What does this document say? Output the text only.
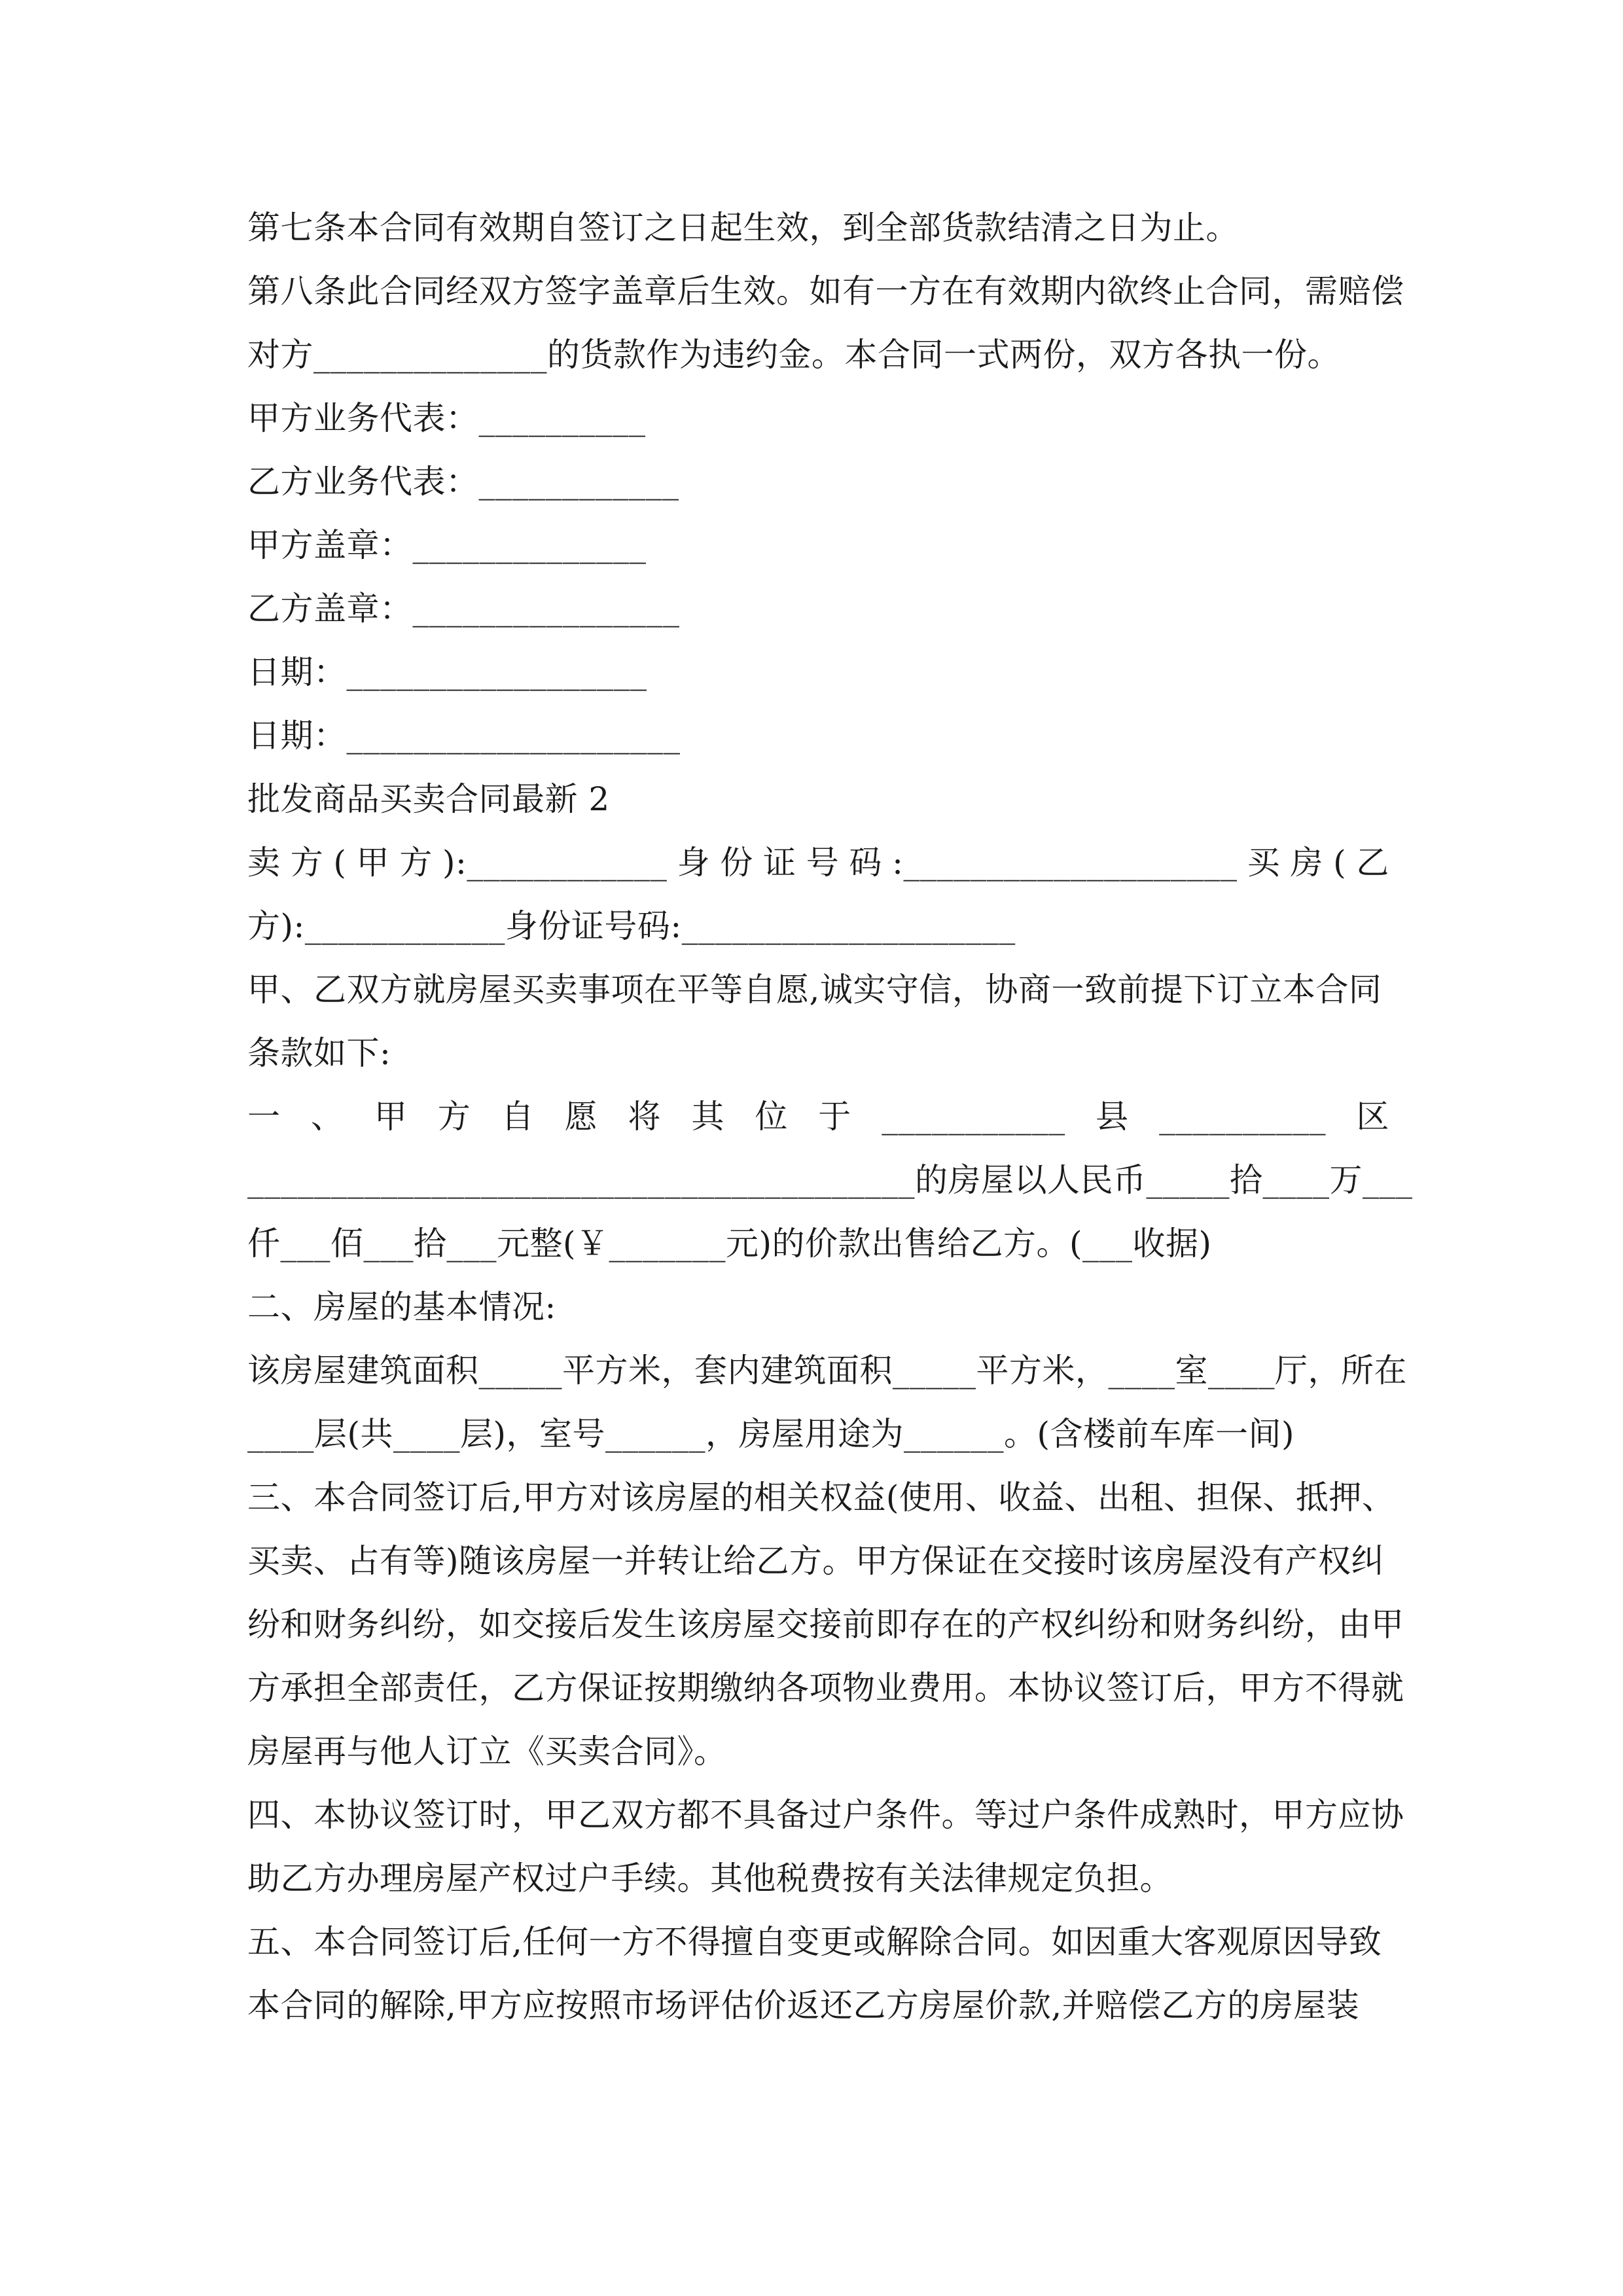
第七条本合同有效期自签订之日起生效，到全部货款结清之日为止。
第八条此合同经双方签字盖章后生效。如有一方在有效期内欲终止合同，需赔偿
对方______________的货款作为违约金。本合同一式两份，双方各执一份。
甲方业务代表：__________
乙方业务代表：____________
甲方盖章：______________
乙方盖章：________________
日期：__________________
日期：____________________
批发商品买卖合同最新 2
卖 方 ( 甲 方 ):____________ 身 份 证 号 码 :____________________ 买 房 ( 乙
方):____________身份证号码:____________________
甲、乙双方就房屋买卖事项在平等自愿,诚实守信，协商一致前提下订立本合同
条款如下:
一 、 甲 方 自 愿 将 其 位 于 ___________ 县 __________ 区
________________________________________的房屋以人民币 _____拾____万___
仟___佰___拾___元整(￥_______元)的价款出售给乙方。(___收据)
二、房屋的基本情况:
该房屋建筑面积_____平方米，套内建筑面积_____平方米，____室____厅，所在
____层(共____层)，室号______，房屋用途为______。(含楼前车库一间)
三、本合同签订后,甲方对该房屋的相关权益(使用、收益、出租、担保、抵押、
买卖、占有等)随该房屋一并转让给乙方。甲方保证在交接时该房屋没有产权纠
纷和财务纠纷，如交接后发生该房屋交接前即存在的产权纠纷和财务纠纷，由甲
方承担全部责任，乙方保证按期缴纳各项物业费用。本协议签订后，甲方不得就
房屋再与他人订立《买卖合同》。
四、本协议签订时，甲乙双方都不具备过户条件。等过户条件成熟时，甲方应协
助乙方办理房屋产权过户手续。其他税费按有关法律规定负担。
五、本合同签订后,任何一方不得擅自变更或解除合同。如因重大客观原因导致
本合同的解除,甲方应按照市场评估价返还乙方房屋价款,并赔偿乙方的房屋装
